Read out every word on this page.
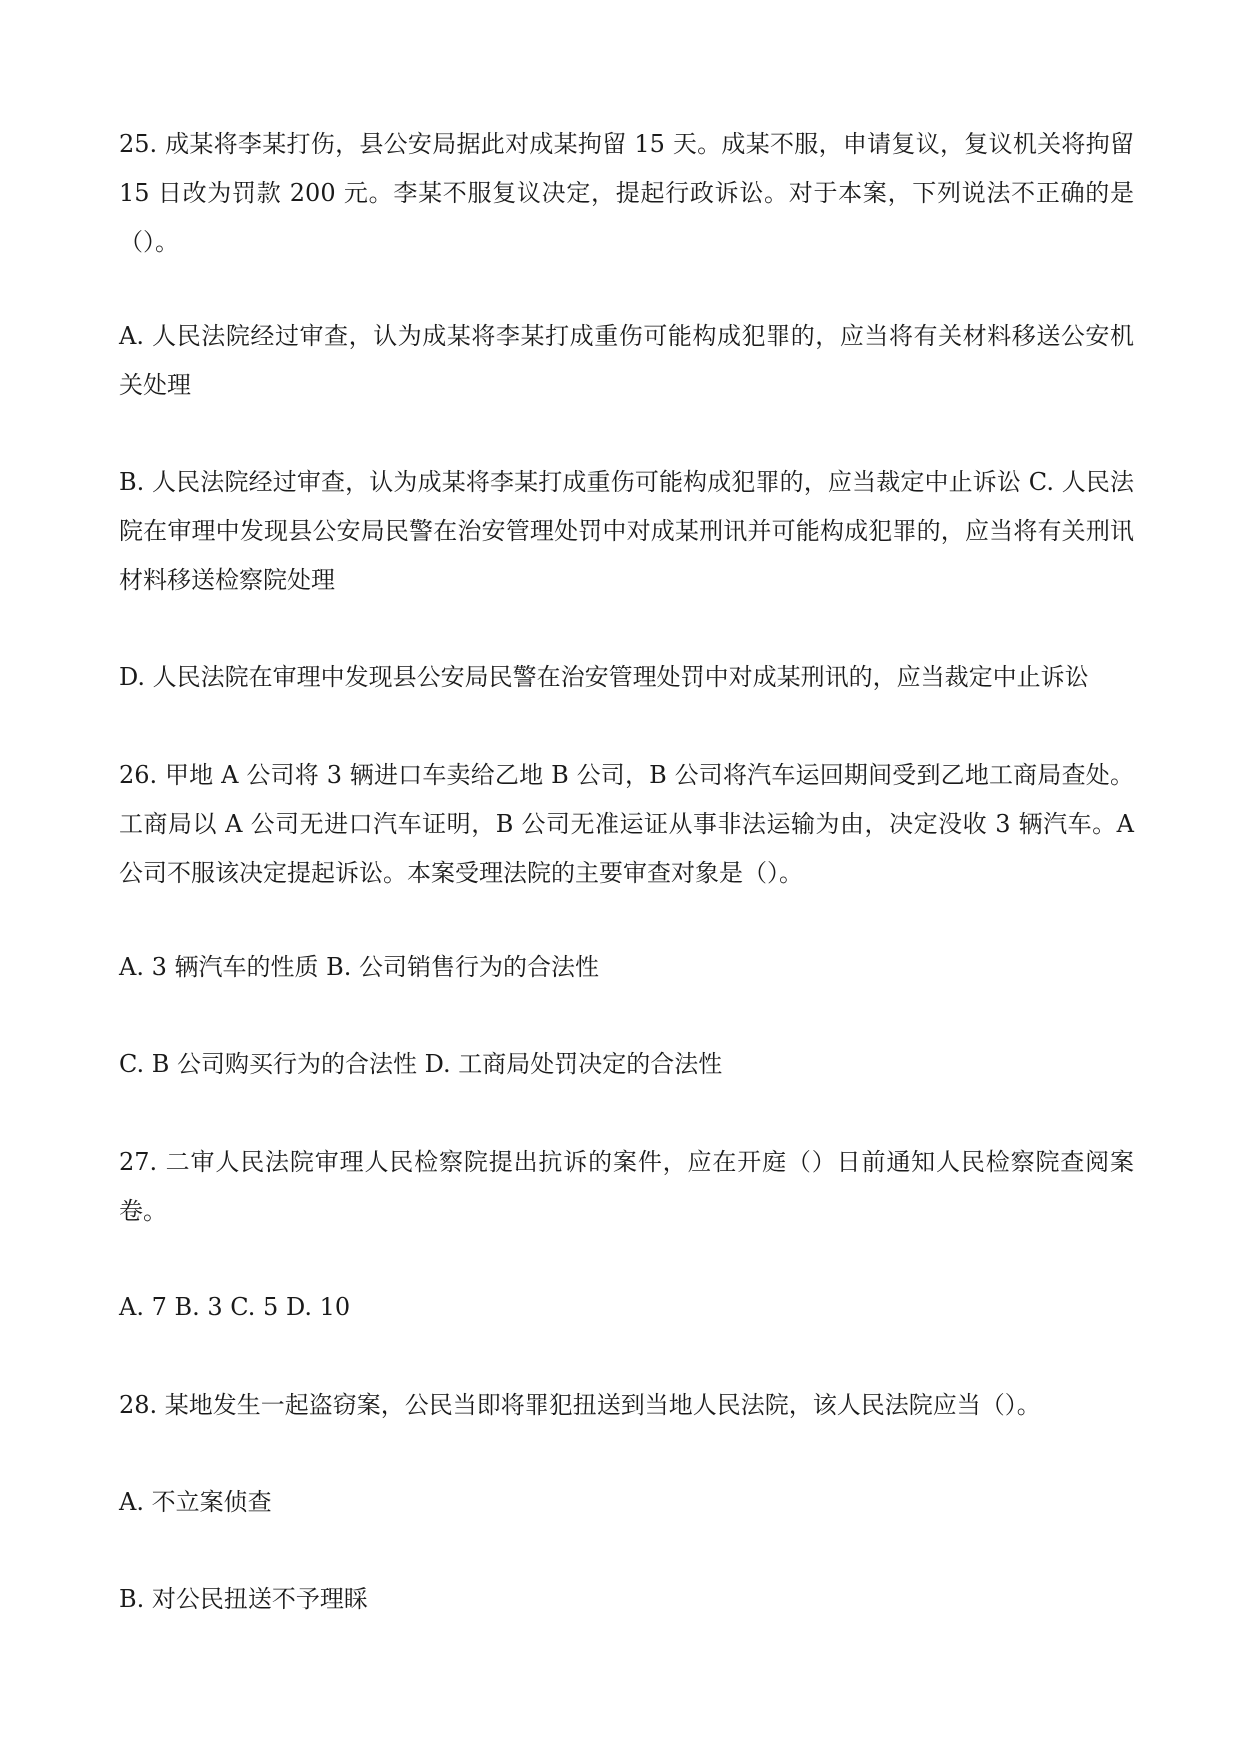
25. 成某将李某打伤，县公安局据此对成某拘留 15 天。成某不服，申请复议，复议机关将拘留 15 日改为罚款 200 元。李某不服复议决定，提起行政诉讼。对于本案，下列说法不正确的是（）。

A. 人民法院经过审查，认为成某将李某打成重伤可能构成犯罪的，应当将有关材料移送公安机关处理

B. 人民法院经过审查，认为成某将李某打成重伤可能构成犯罪的，应当裁定中止诉讼 C. 人民法院在审理中发现县公安局民警在治安管理处罚中对成某刑讯并可能构成犯罪的，应当将有关刑讯材料移送检察院处理

D. 人民法院在审理中发现县公安局民警在治安管理处罚中对成某刑讯的，应当裁定中止诉讼

26. 甲地 A 公司将 3 辆进口车卖给乙地 B 公司，B 公司将汽车运回期间受到乙地工商局查处。工商局以 A 公司无进口汽车证明，B 公司无准运证从事非法运输为由，决定没收 3 辆汽车。A 公司不服该决定提起诉讼。本案受理法院的主要审查对象是（）。

A. 3 辆汽车的性质 B. 公司销售行为的合法性

C. B 公司购买行为的合法性 D. 工商局处罚决定的合法性

27. 二审人民法院审理人民检察院提出抗诉的案件，应在开庭（）日前通知人民检察院查阅案卷。

A. 7 B. 3 C. 5 D. 10

28. 某地发生一起盗窃案，公民当即将罪犯扭送到当地人民法院，该人民法院应当（）。

A. 不立案侦查

B. 对公民扭送不予理睬
